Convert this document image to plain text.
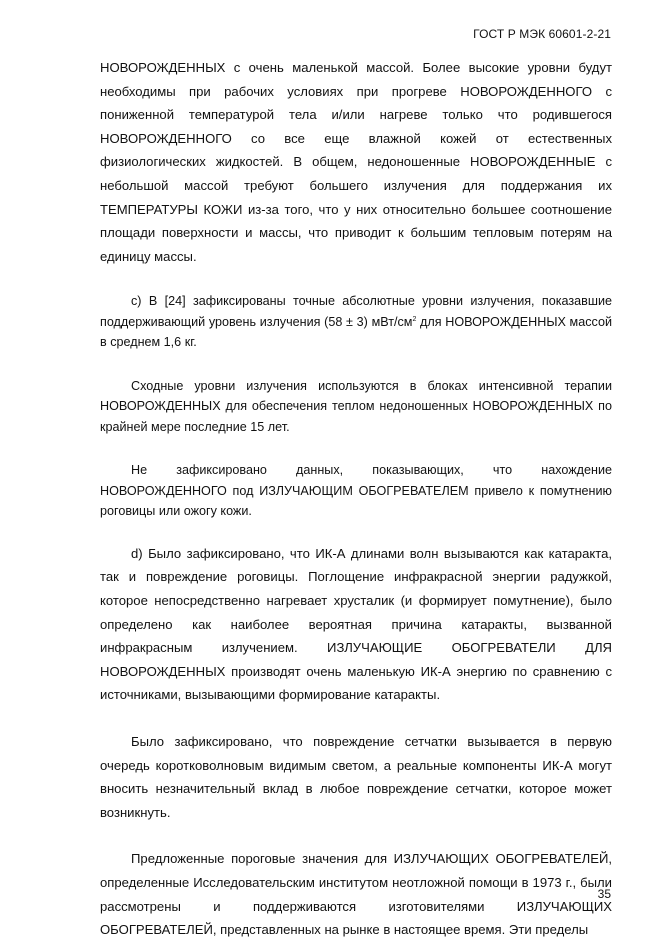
ГОСТ Р МЭК 60601-2-21

НОВОРОЖДЕННЫХ с очень маленькой массой. Более высокие уровни будут необходимы при рабочих условиях при прогреве НОВОРОЖДЕННОГО с пониженной температурой тела и/или нагреве только что родившегося НОВОРОЖДЕННОГО со все еще влажной кожей от естественных физиологических жидкостей. В общем, недоношенные НОВОРОЖДЕННЫЕ с небольшой массой требуют большего излучения для поддержания их ТЕМПЕРАТУРЫ КОЖИ из-за того, что у них относительно большее соотношение площади поверхности и массы, что приводит к большим тепловым потерям на единицу массы.

с) В [24] зафиксированы точные абсолютные уровни излучения, показавшие поддерживающий уровень излучения (58 ± 3) мВт/$см^2$ для НОВОРОЖДЕННЫХ массой в среднем 1,6 кг.

Сходные уровни излучения используются в блоках интенсивной терапии НОВОРОЖДЕННЫХ для обеспечения теплом недоношенных НОВОРОЖДЕННЫХ по крайней мере последние 15 лет.

Не зафиксировано данных, показывающих, что нахождение НОВОРОЖДЕННОГО под ИЗЛУЧАЮЩИМ ОБОГРЕВАТЕЛЕМ привело к помутнению роговицы или ожогу кожи.

d) Было зафиксировано, что ИК-А длинами волн вызываются как катаракта, так и повреждение роговицы. Поглощение инфракрасной энергии радужкой, которое непосредственно нагревает хрусталик (и формирует помутнение), было определено как наиболее вероятная причина катаракты, вызванной инфракрасным излучением. ИЗЛУЧАЮЩИЕ ОБОГРЕВАТЕЛИ ДЛЯ НОВОРОЖДЕННЫХ производят очень маленькую ИК-А энергию по сравнению с источниками, вызывающими формирование катаракты.

Было зафиксировано, что повреждение сетчатки вызывается в первую очередь коротковолновым видимым светом, а реальные компоненты ИК-А могут вносить незначительный вклад в любое повреждение сетчатки, которое может возникнуть.

Предложенные пороговые значения для ИЗЛУЧАЮЩИХ ОБОГРЕВАТЕЛЕЙ, определенные Исследовательским институтом неотложной помощи в 1973 г., были рассмотрены и поддерживаются изготовителями ИЗЛУЧАЮЩИХ ОБОГРЕВАТЕЛЕЙ, представленных на рынке в настоящее время. Эти пределы

35
